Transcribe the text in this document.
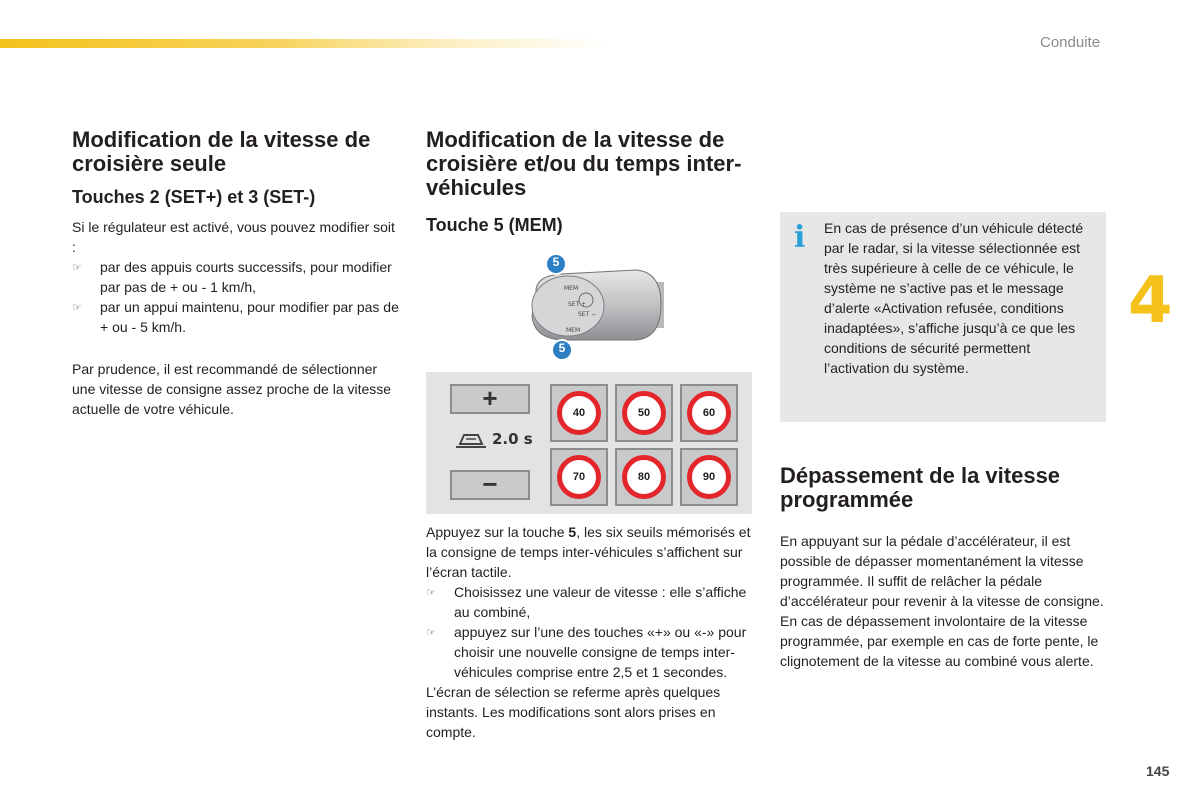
Conduite
4
145
Modification de la vitesse de croisière seule
Touches 2 (SET+) et 3 (SET-)

Si le régulateur est activé, vous pouvez modifier soit :

☞	par des appuis courts successifs, pour modifier par pas de + ou - 1 km/h,
☞	par un appui maintenu, pour modifier par pas de + ou - 5 km/h.

Par prudence, il est recommandé de sélectionner une vitesse de consigne assez proche de la vitesse actuelle de votre véhicule.

Modification de la vitesse de croisière et/ou du temps inter-véhicules
Touche 5 (MEM)
MEM
SET +
SET −
MEM
5
5
+
2.0 s
−
40	50	60
70	80	90

Appuyez sur la touche 5, les six seuils mémorisés et la consigne de temps inter-véhicules s’affichent sur l’écran tactile.

☞	Choisissez une valeur de vitesse : elle s’affiche au combiné,
☞	appuyez sur l’une des touches «+» ou «-» pour choisir une nouvelle consigne de temps inter-véhicules comprise entre 2,5 et 1 secondes.

L’écran de sélection se referme après quelques instants. Les modifications sont alors prises en compte.

i En cas de présence d’un véhicule détecté par le radar, si la vitesse sélectionnée est très supérieure à celle de ce véhicule, le système ne s’active pas et le message d’alerte «Activation refusée, conditions inadaptées», s’affiche jusqu’à ce que les conditions de sécurité permettent l’activation du système.

Dépassement de la vitesse programmée

En appuyant sur la pédale d’accélérateur, il est possible de dépasser momentanément la vitesse programmée. Il suffit de relâcher la pédale d’accélérateur pour revenir à la vitesse de consigne.

En cas de dépassement involontaire de la vitesse programmée, par exemple en cas de forte pente, le clignotement de la vitesse au combiné vous alerte.
